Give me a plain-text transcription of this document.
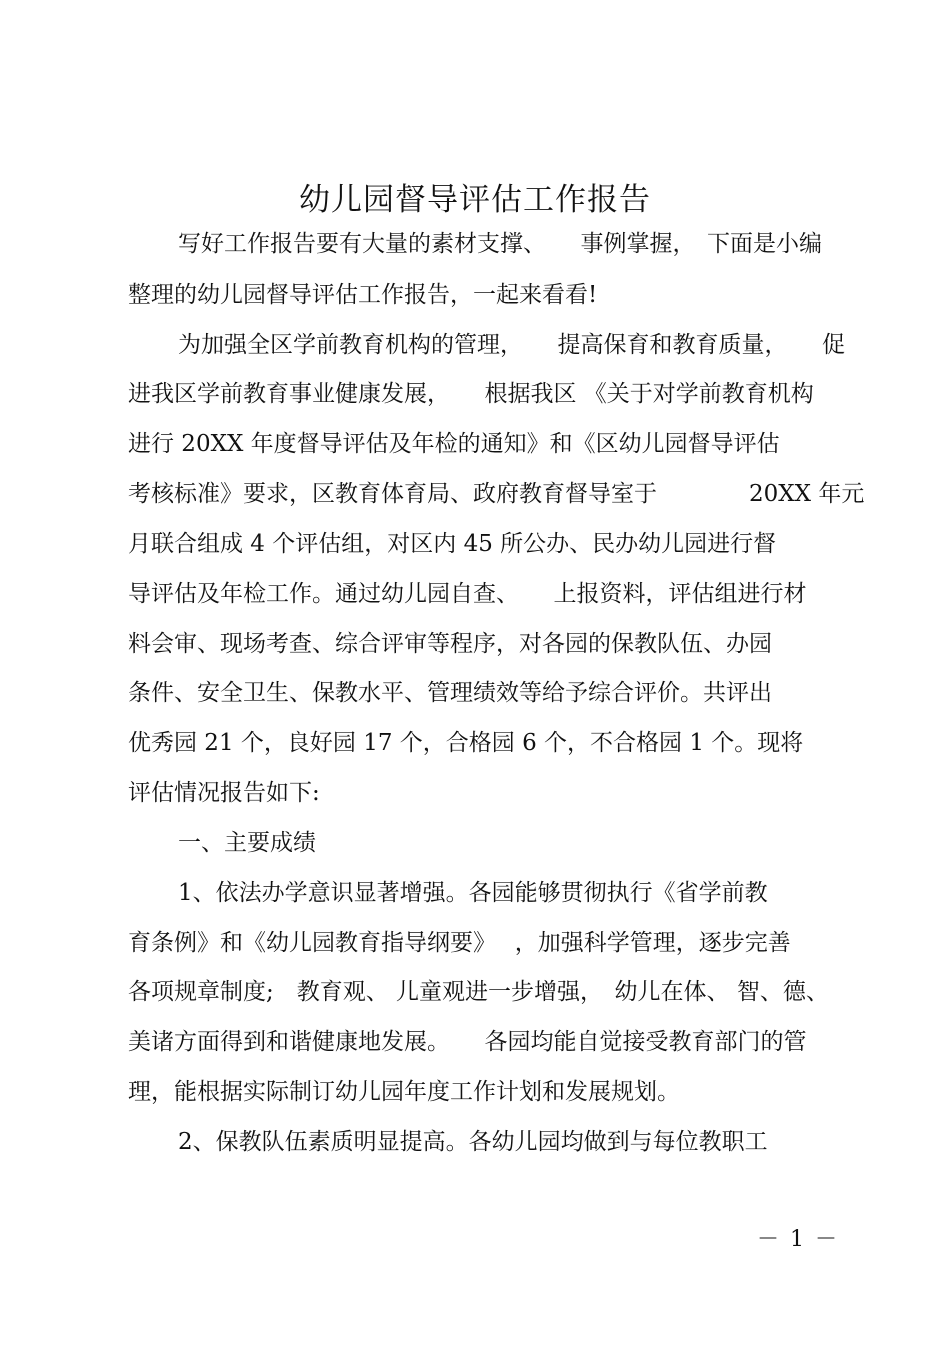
幼儿园督导评估工作报告
写好工作报告要有大量的素材支撑、　　事例掌握，　下面是小编
整理的幼儿园督导评估工作报告，一起来看看!
为加强全区学前教育机构的管理，　　提高保育和教育质量，　　促
进我区学前教育事业健康发展，　　根据我区 《关于对学前教育机构
进行 20XX 年度督导评估及年检的通知》和《区幼儿园督导评估
考核标准》要求，区教育体育局、政府教育督导室于　　　　20XX 年元
月联合组成 4 个评估组，对区内 45 所公办、民办幼儿园进行督
导评估及年检工作。通过幼儿园自查、　　上报资料，评估组进行材
料会审、现场考查、综合评审等程序，对各园的保教队伍、办园
条件、安全卫生、保教水平、管理绩效等给予综合评价。共评出
优秀园 21 个，良好园 17 个，合格园 6 个，不合格园 1 个。现将
评估情况报告如下:
一、主要成绩
1、依法办学意识显著增强。各园能够贯彻执行《省学前教
育条例》和《幼儿园教育指导纲要》　 ，加强科学管理，逐步完善
各项规章制度;　教育观、 儿童观进一步增强，　幼儿在体、 智、德、
美诸方面得到和谐健康地发展。　　各园均能自觉接受教育部门的管
理，能根据实际制订幼儿园年度工作计划和发展规划。
2、保教队伍素质明显提高。各幼儿园均做到与每位教职工
－ 1 －
